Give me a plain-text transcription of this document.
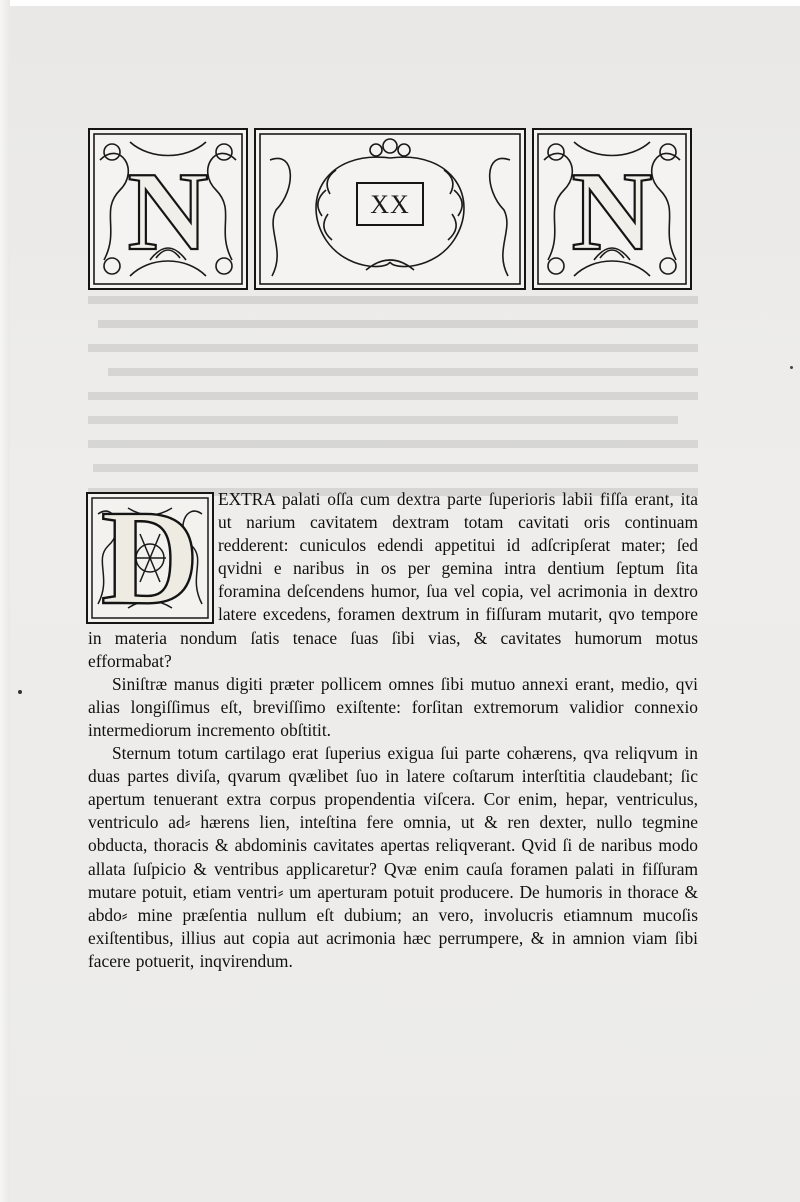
N	XX	N
D	EXTRA palati oſſa cum dextra parte ſuperioris labii fiſſa erant, ita ut narium cavitatem dextram totam cavitati oris continuam redderent: cuniculos edendi appetitui id adſcripſerat mater; ſed qvidni e naribus in os per gemina intra dentium ſeptum ſita foramina deſcendens humor, ſua vel copia, vel acrimonia in dextro latere excedens, foramen dextrum in fiſſuram mutarit, qvo tempore in materia nondum ſatis tenace ſuas ſibi vias, & cavitates humorum motus efformabat?

Siniſtræ manus digiti præter pollicem omnes ſibi mutuo annexi erant, medio, qvi alias longiſſimus eſt, breviſſimo exiſtente: forſitan extremorum validior connexio intermediorum incremento obſtitit.

Sternum totum cartilago erat ſuperius exigua ſui parte cohærens, qva reliqvum in duas partes diviſa, qvarum qvælibet ſuo in latere coſtarum interſtitia claudebant; ſic apertum tenuerant extra corpus propendentia viſcera. Cor enim, hepar, ventriculus, ventriculo ad⸗ hærens lien, inteſtina fere omnia, ut & ren dexter, nullo tegmine obducta, thoracis & abdominis cavitates apertas reliqverant. Qvid ſi de naribus modo allata ſuſpicio & ventribus applicaretur? Qvæ enim cauſa foramen palati in fiſſuram mutare potuit, etiam ventri⸗ um aperturam potuit producere. De humoris in thorace & abdo⸗ mine præſentia nullum eſt dubium; an vero, involucris etiamnum mucoſis exiſtentibus, illius aut copia aut acrimonia hæc perrumpere, & in amnion viam ſibi facere potuerit, inqvirendum.
